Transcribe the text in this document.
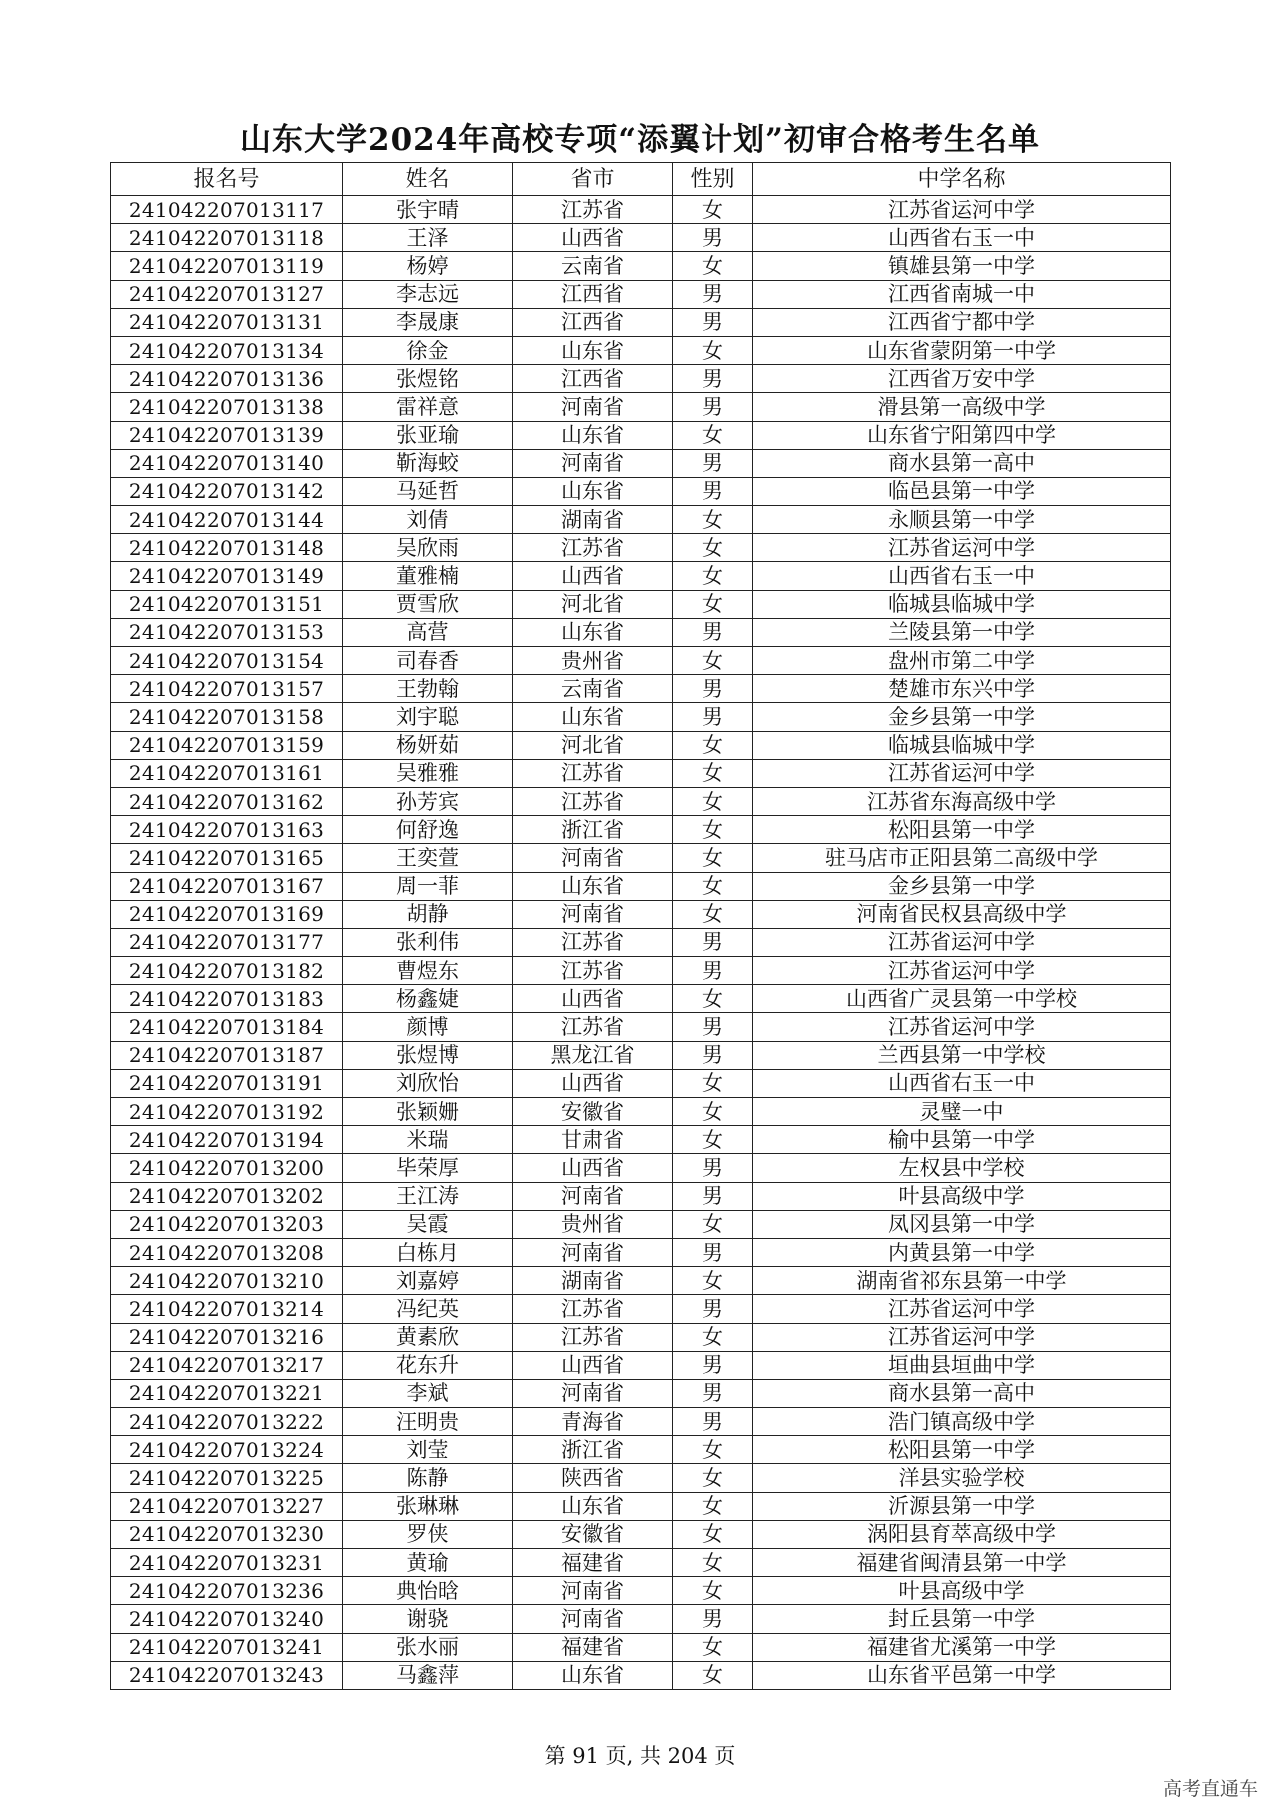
山东大学2024年高校专项“添翼计划”初审合格考生名单
报名号	姓名	省市	性别	中学名称
241042207013117	张宇晴	江苏省	女	江苏省运河中学
241042207013118	王泽	山西省	男	山西省右玉一中
241042207013119	杨婷	云南省	女	镇雄县第一中学
241042207013127	李志远	江西省	男	江西省南城一中
241042207013131	李晟康	江西省	男	江西省宁都中学
241042207013134	徐金	山东省	女	山东省蒙阴第一中学
241042207013136	张煜铭	江西省	男	江西省万安中学
241042207013138	雷祥意	河南省	男	滑县第一高级中学
241042207013139	张亚瑜	山东省	女	山东省宁阳第四中学
241042207013140	靳海蛟	河南省	男	商水县第一高中
241042207013142	马延哲	山东省	男	临邑县第一中学
241042207013144	刘倩	湖南省	女	永顺县第一中学
241042207013148	吴欣雨	江苏省	女	江苏省运河中学
241042207013149	董雅楠	山西省	女	山西省右玉一中
241042207013151	贾雪欣	河北省	女	临城县临城中学
241042207013153	高营	山东省	男	兰陵县第一中学
241042207013154	司春香	贵州省	女	盘州市第二中学
241042207013157	王勃翰	云南省	男	楚雄市东兴中学
241042207013158	刘宇聪	山东省	男	金乡县第一中学
241042207013159	杨妍茹	河北省	女	临城县临城中学
241042207013161	吴雅雅	江苏省	女	江苏省运河中学
241042207013162	孙芳宾	江苏省	女	江苏省东海高级中学
241042207013163	何舒逸	浙江省	女	松阳县第一中学
241042207013165	王奕萱	河南省	女	驻马店市正阳县第二高级中学
241042207013167	周一菲	山东省	女	金乡县第一中学
241042207013169	胡静	河南省	女	河南省民权县高级中学
241042207013177	张利伟	江苏省	男	江苏省运河中学
241042207013182	曹煜东	江苏省	男	江苏省运河中学
241042207013183	杨鑫婕	山西省	女	山西省广灵县第一中学校
241042207013184	颜博	江苏省	男	江苏省运河中学
241042207013187	张煜博	黑龙江省	男	兰西县第一中学校
241042207013191	刘欣怡	山西省	女	山西省右玉一中
241042207013192	张颖姗	安徽省	女	灵璧一中
241042207013194	米瑞	甘肃省	女	榆中县第一中学
241042207013200	毕荣厚	山西省	男	左权县中学校
241042207013202	王江涛	河南省	男	叶县高级中学
241042207013203	吴霞	贵州省	女	凤冈县第一中学
241042207013208	白栋月	河南省	男	内黄县第一中学
241042207013210	刘嘉婷	湖南省	女	湖南省祁东县第一中学
241042207013214	冯纪英	江苏省	男	江苏省运河中学
241042207013216	黄素欣	江苏省	女	江苏省运河中学
241042207013217	花东升	山西省	男	垣曲县垣曲中学
241042207013221	李斌	河南省	男	商水县第一高中
241042207013222	汪明贵	青海省	男	浩门镇高级中学
241042207013224	刘莹	浙江省	女	松阳县第一中学
241042207013225	陈静	陕西省	女	洋县实验学校
241042207013227	张琳琳	山东省	女	沂源县第一中学
241042207013230	罗侠	安徽省	女	涡阳县育萃高级中学
241042207013231	黄瑜	福建省	女	福建省闽清县第一中学
241042207013236	典怡晗	河南省	女	叶县高级中学
241042207013240	谢骁	河南省	男	封丘县第一中学
241042207013241	张水丽	福建省	女	福建省尤溪第一中学
241042207013243	马鑫萍	山东省	女	山东省平邑第一中学
第 91 页, 共 204 页
高考直通车
